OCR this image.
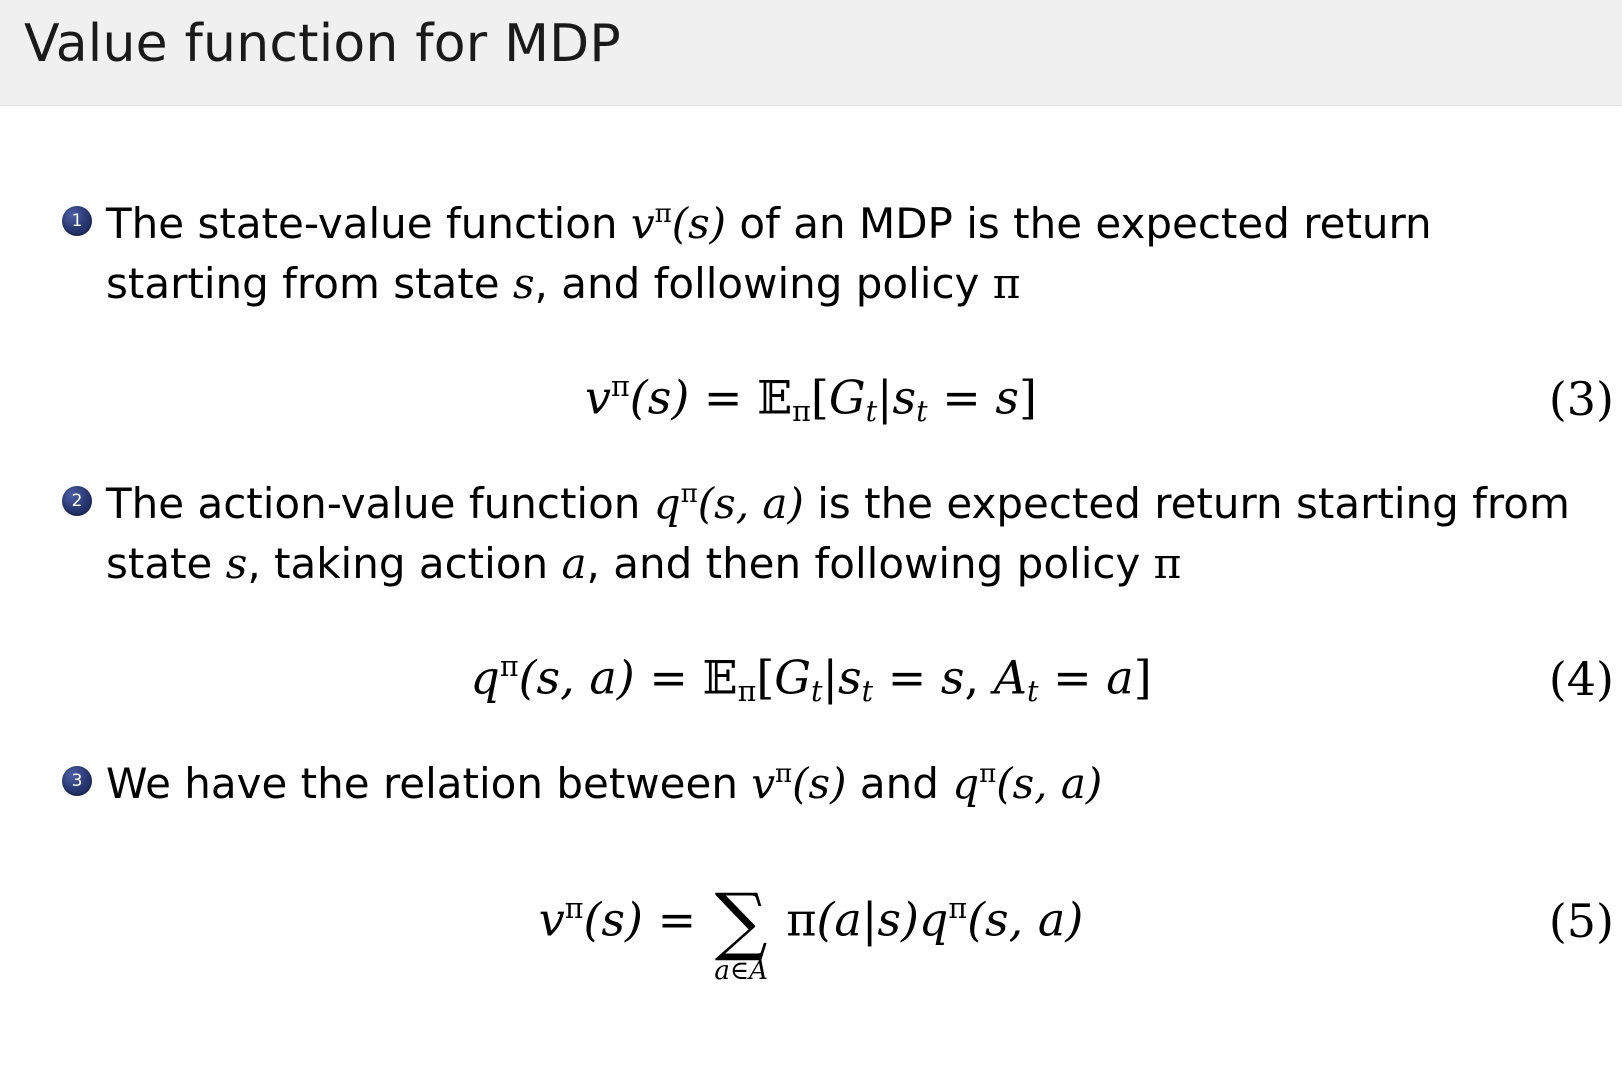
Value function for MDP
1 The state-value function $v^\pi(s)$ of an MDP is the expected return starting from state s, and following policy π
$v^\pi(s)$ = $𝔼\pi[G_t|s_t = s]$	(3)
2 The action-value function $q^\pi(s$, a) is the expected return starting from state s, taking action a, and then following policy π
$q^\pi(s$, $a) = 𝔼\pi[G_t|s_t = s$, $A_t = a$]	(4)
3 We have the relation between $v^\pi(s)$ and $q^\pi(s$, a)
$v^\pi(s)$ = ∑
a∈A
$\pi(a|s)q^\pi(s$, a)	(5)
